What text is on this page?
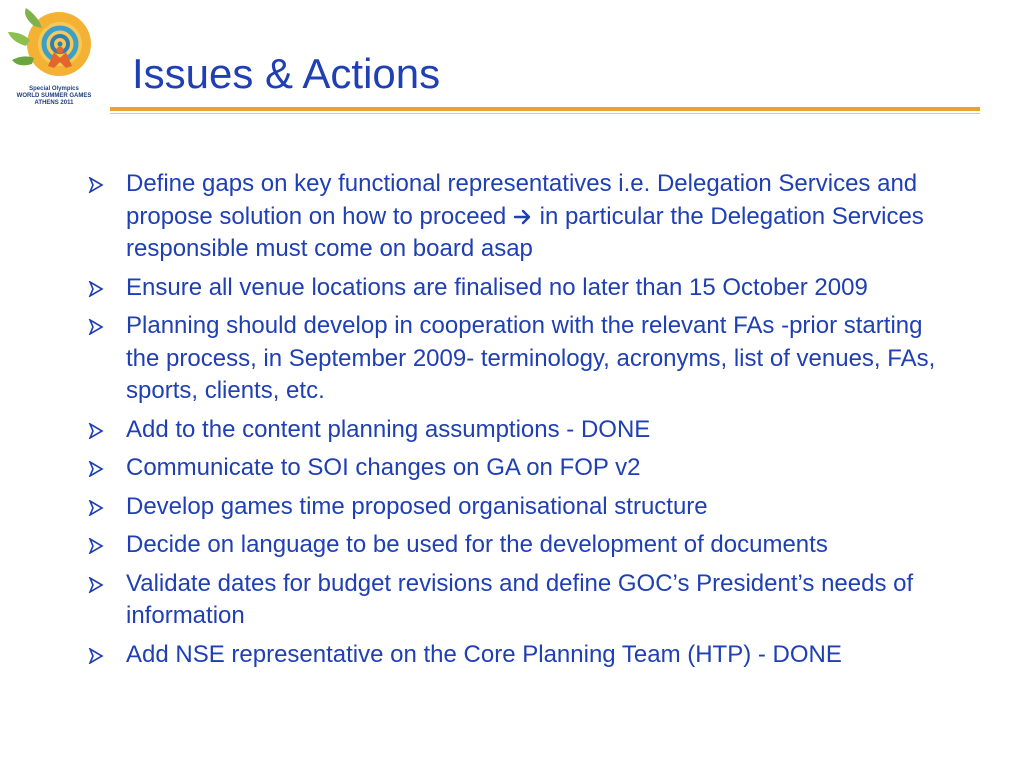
Special Olympics
WORLD SUMMER GAMES
ATHENS 2011
Issues & Actions
Define gaps on key functional representatives i.e. Delegation Services and propose solution on how to proceed  in particular the Delegation Services responsible must come on board asap
Ensure all venue locations are finalised no later than 15 October 2009
Planning should develop in cooperation with the relevant FAs -prior starting the process, in September 2009- terminology, acronyms, list of venues, FAs, sports, clients, etc.
Add to the content planning assumptions - DONE
Communicate to SOI changes on GA on FOP v2
Develop games time proposed organisational structure
Decide on language to be used for the development of documents
Validate dates for budget revisions and define GOC’s President’s needs of information
Add NSE representative on the Core Planning Team (HTP) - DONE
